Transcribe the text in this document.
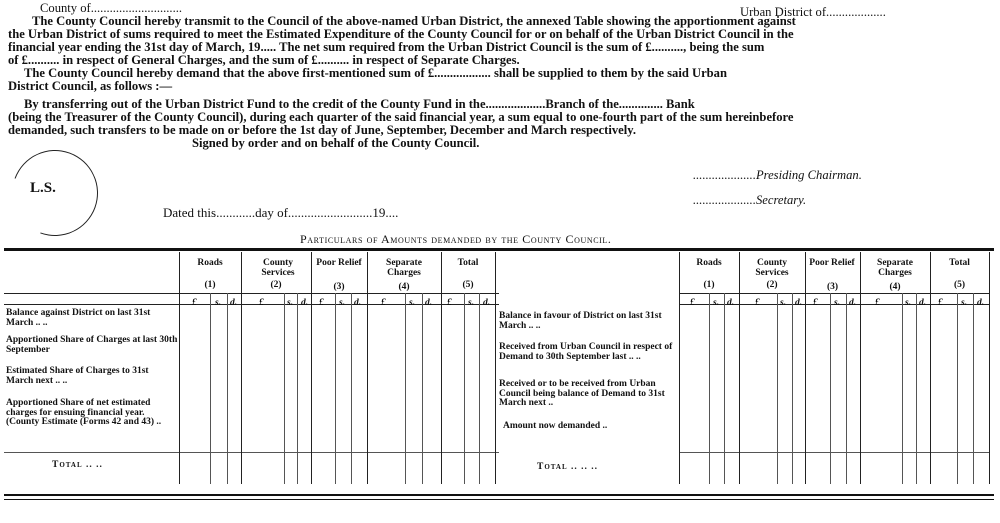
County of.............................	Urban District of...................
The County Council hereby transmit to the Council of the above-named Urban District, the annexed Table showing the apportionment against
the Urban District of sums required to meet the Estimated Expenditure of the County Council for or on behalf of the Urban District Council in the
financial year ending the 31st day of March, 19..... The net sum required from the Urban District Council is the sum of £.........., being the sum
of £.......... in respect of General Charges, and the sum of £.......... in respect of Separate Charges.
The County Council hereby demand that the above first-mentioned sum of £.................. shall be supplied to them by the said Urban
District Council, as follows :—
By transferring out of the Urban District Fund to the credit of the County Fund in the...................Branch of the.............. Bank
(being the Treasurer of the County Council), during each quarter of the said financial year, a sum equal to one-fourth part of the sum hereinbefore
demanded, such transfers to be made on or before the 1st day of June, September, December and March respectively.
Signed by order and on behalf of the County Council.
L.S.
....................Presiding Chairman.
....................Secretary.
Dated this............day of..........................19....
Particulars of Amounts demanded by the County Council.
Roads
(1)
County Services
(2)
Poor Relief
(3)
Separate Charges
(4)
Total
(5)
£ s. d. £ s. d. £ s. d. £ s. d. £ s. d.
Balance against District on last 31st March .. ..
Apportioned Share of Charges at last 30th September
Estimated Share of Charges to 31st March next .. ..
Apportioned Share of net estimated charges for ensuing financial year. (County Estimate (Forms 42 and 43) ..
Total .. ..
Roads
(1)
County Services
(2)
Poor Relief
(3)
Separate Charges
(4)
Total
(5)
£ s. d. £ s. d. £ s. d. £	s. d. £ s. d.
Balance in favour of District on last 31st March .. ..
Received from Urban Council in respect of Demand to 30th September last .. ..
Received or to be received from Urban Council being balance of Demand to 31st March next ..
Amount now demanded ..
Total .. .. ..
